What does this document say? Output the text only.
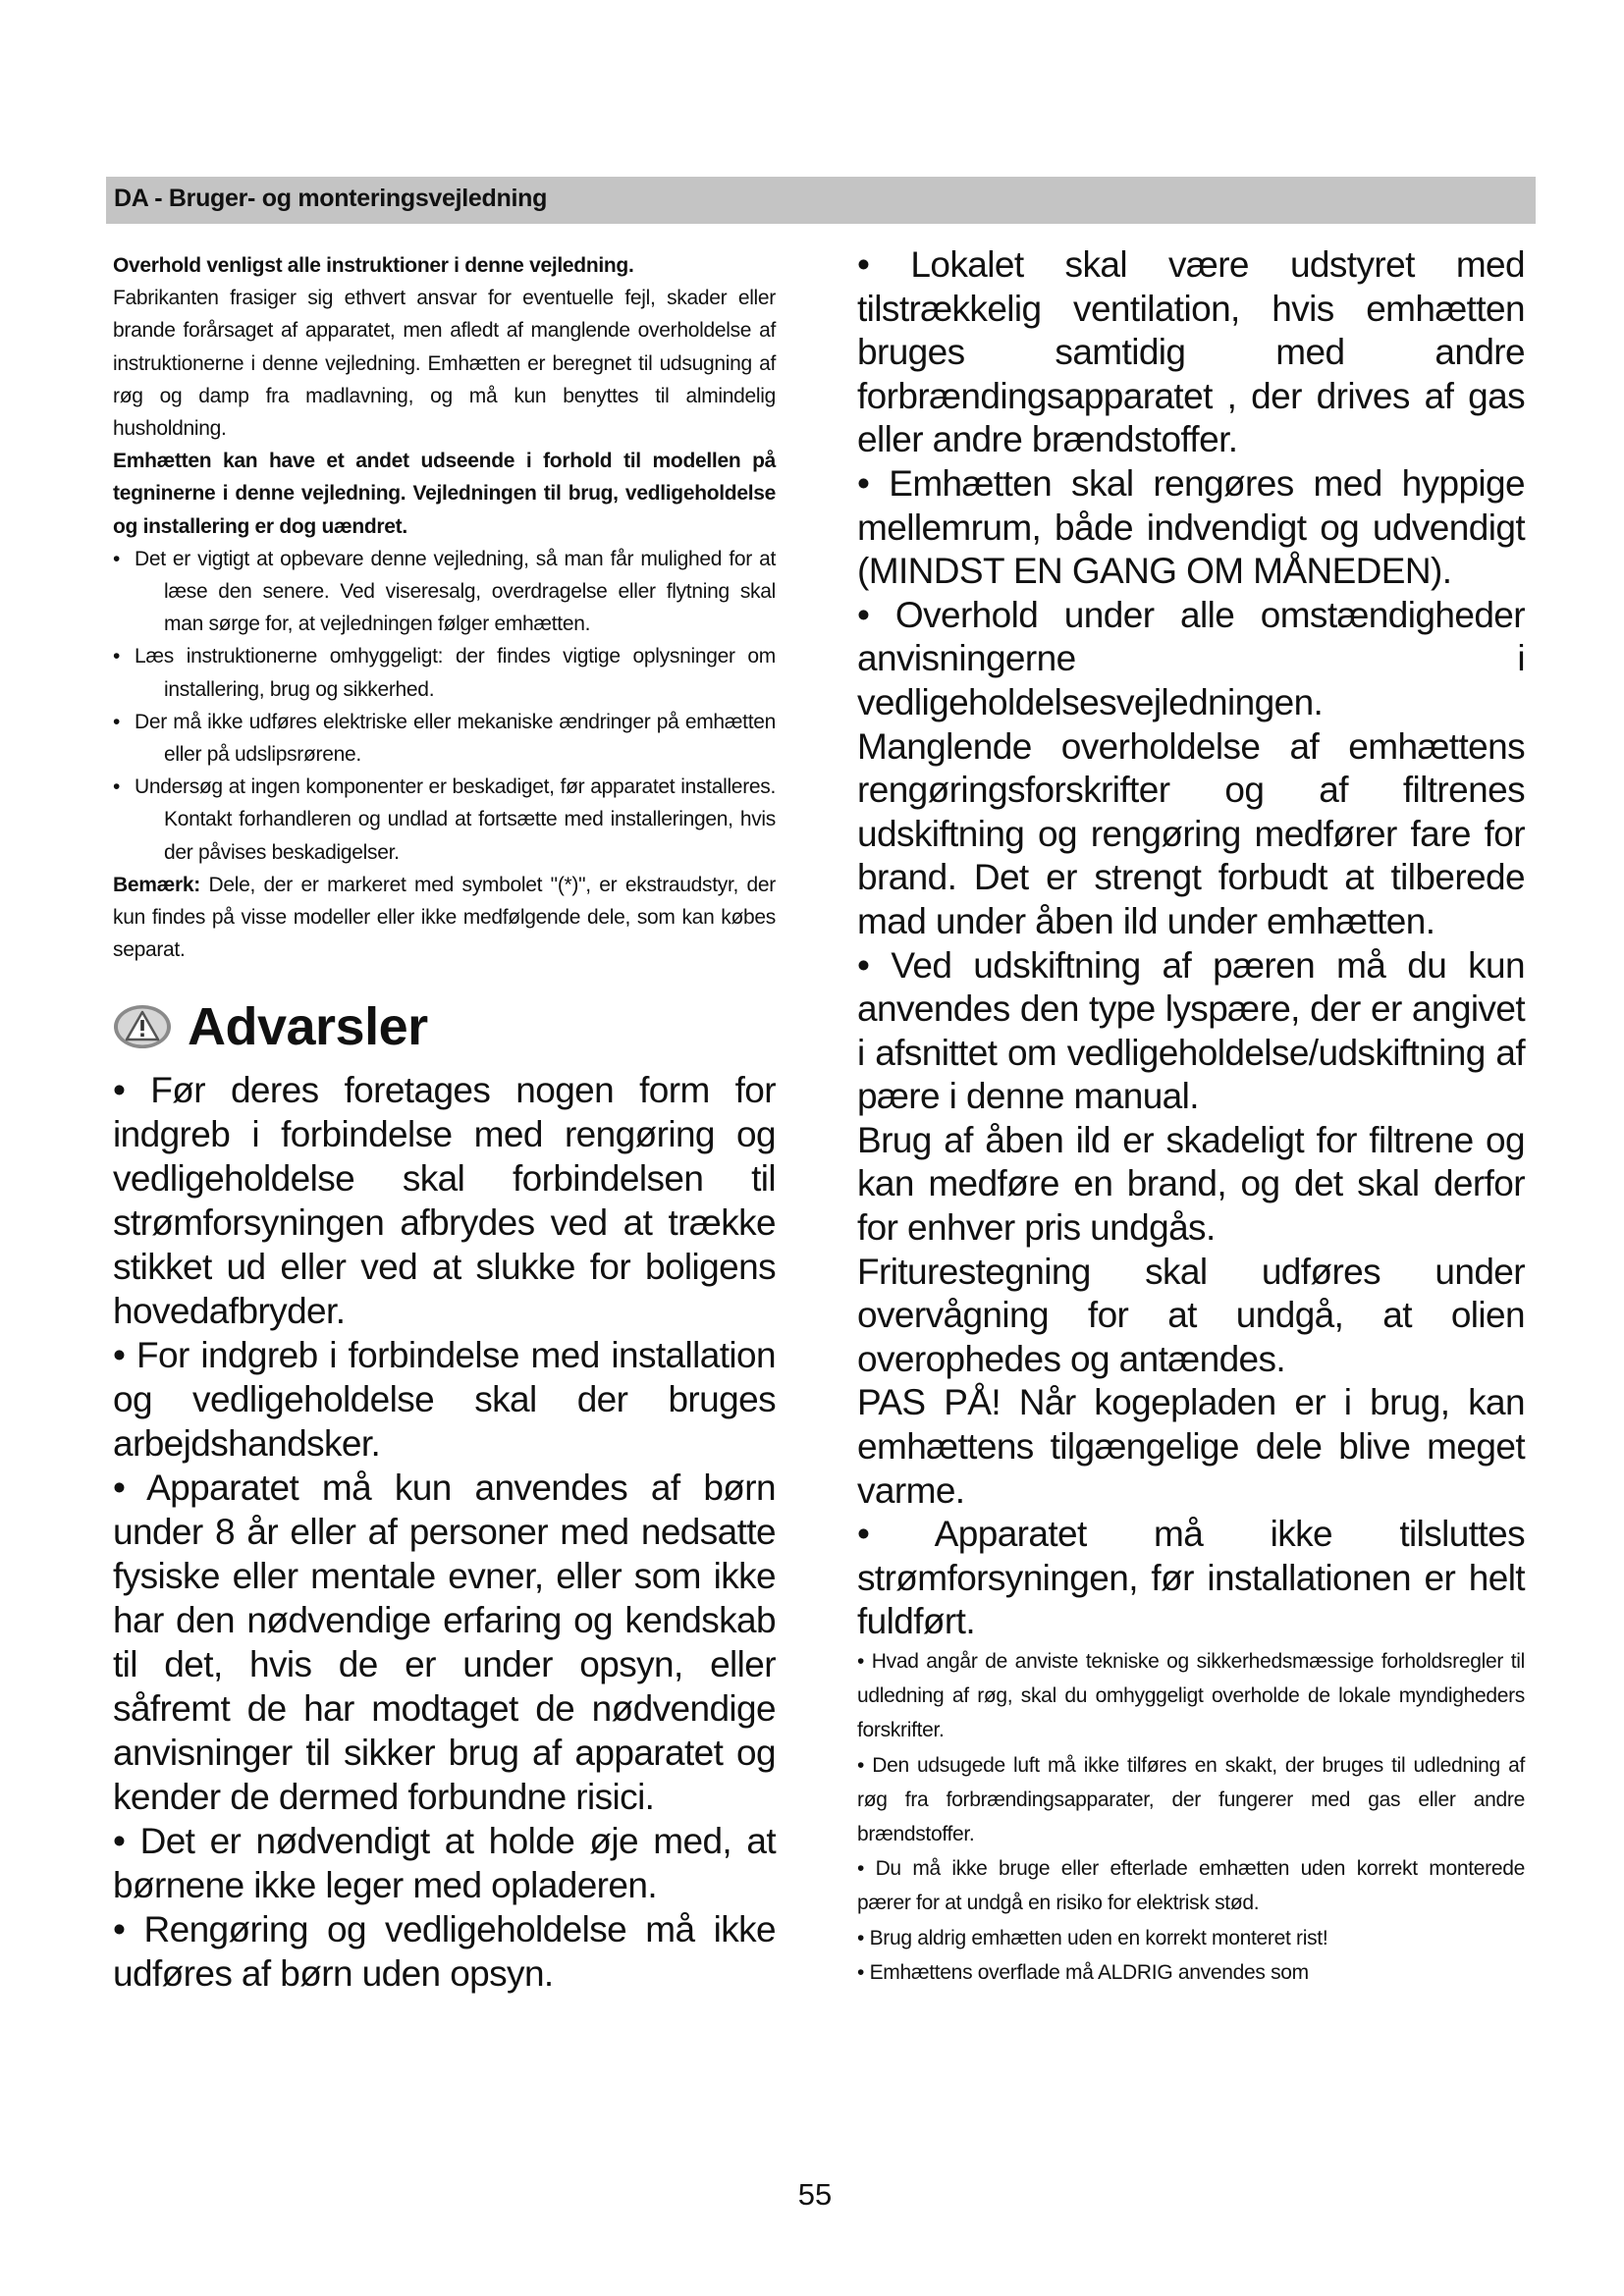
DA - Bruger- og monteringsvejledning

Overhold venligst alle instruktioner i denne vejledning.

Fabrikanten frasiger sig ethvert ansvar for eventuelle fejl, skader eller brande forårsaget af apparatet, men afledt af manglende overholdelse af instruktionerne i denne vejledning. Emhætten er beregnet til udsugning af røg og damp fra madlavning, og må kun benyttes til almindelig husholdning.

Emhætten kan have et andet udseende i forhold til modellen på tegninerne i denne vejledning. Vejledningen til brug, vedligeholdelse og installering er dog uændret.

• Det er vigtigt at opbevare denne vejledning, så man får mulighed for at læse den senere. Ved viseresalg, overdragelse eller flytning skal man sørge for, at vejledningen følger emhætten.

• Læs instruktionerne omhyggeligt: der findes vigtige oplysninger om installering, brug og sikkerhed.

• Der må ikke udføres elektriske eller mekaniske ændringer på emhætten eller på udslipsrørene.

• Undersøg at ingen komponenter er beskadiget, før apparatet installeres. Kontakt forhandleren og undlad at fortsætte med installeringen, hvis der påvises beskadigelser.

Bemærk: Dele, der er markeret med symbolet "(*)", er ekstraudstyr, der kun findes på visse modeller eller ikke medfølgende dele, som kan købes separat.

Advarsler

• Før deres foretages nogen form for indgreb i forbindelse med rengøring og vedligeholdelse skal forbindelsen til strømforsyningen afbrydes ved at trække stikket ud eller ved at slukke for boligens hovedafbryder.

• For indgreb i forbindelse med installation og vedligeholdelse skal der bruges arbejdshandsker.

• Apparatet må kun anvendes af børn under 8 år eller af personer med nedsatte fysiske eller mentale evner, eller som ikke har den nødvendige erfaring og kendskab til det, hvis de er under opsyn, eller såfremt de har modtaget de nødvendige anvisninger til sikker brug af apparatet og kender de dermed forbundne risici.

• Det er nødvendigt at holde øje med, at børnene ikke leger med opladeren.

• Rengøring og vedligeholdelse må ikke udføres af børn uden opsyn.

• Lokalet skal være udstyret med tilstrækkelig ventilation, hvis emhætten bruges samtidig med andre forbrændingsapparatet , der drives af gas eller andre brændstoffer.

• Emhætten skal rengøres med hyppige mellemrum, både indvendigt og udvendigt (MINDST EN GANG OM MÅNEDEN).

• Overhold under alle omstændigheder anvisningerne i vedligeholdelsesvejledningen.

Manglende overholdelse af emhættens rengøringsforskrifter og af filtrenes udskiftning og rengøring medfører fare for brand. Det er strengt forbudt at tilberede mad under åben ild under emhætten.

• Ved udskiftning af pæren må du kun anvendes den type lyspære, der er angivet i afsnittet om vedligeholdelse/udskiftning af pære i denne manual.

Brug af åben ild er skadeligt for filtrene og kan medføre en brand, og det skal derfor for enhver pris undgås.

Friturestegning skal udføres under overvågning for at undgå, at olien overophedes og antændes.

PAS PÅ! Når kogepladen er i brug, kan emhættens tilgængelige dele blive meget varme.

• Apparatet må ikke tilsluttes strømforsyningen, før installationen er helt fuldført.

• Hvad angår de anviste tekniske og sikkerhedsmæssige forholdsregler til udledning af røg, skal du omhyggeligt overholde de lokale myndigheders forskrifter.

• Den udsugede luft må ikke tilføres en skakt, der bruges til udledning af røg fra forbrændingsapparater, der fungerer med gas eller andre brændstoffer.

• Du må ikke bruge eller efterlade emhætten uden korrekt monterede pærer for at undgå en risiko for elektrisk stød.

• Brug aldrig emhætten uden en korrekt monteret rist!

• Emhættens overflade må ALDRIG anvendes som

55
